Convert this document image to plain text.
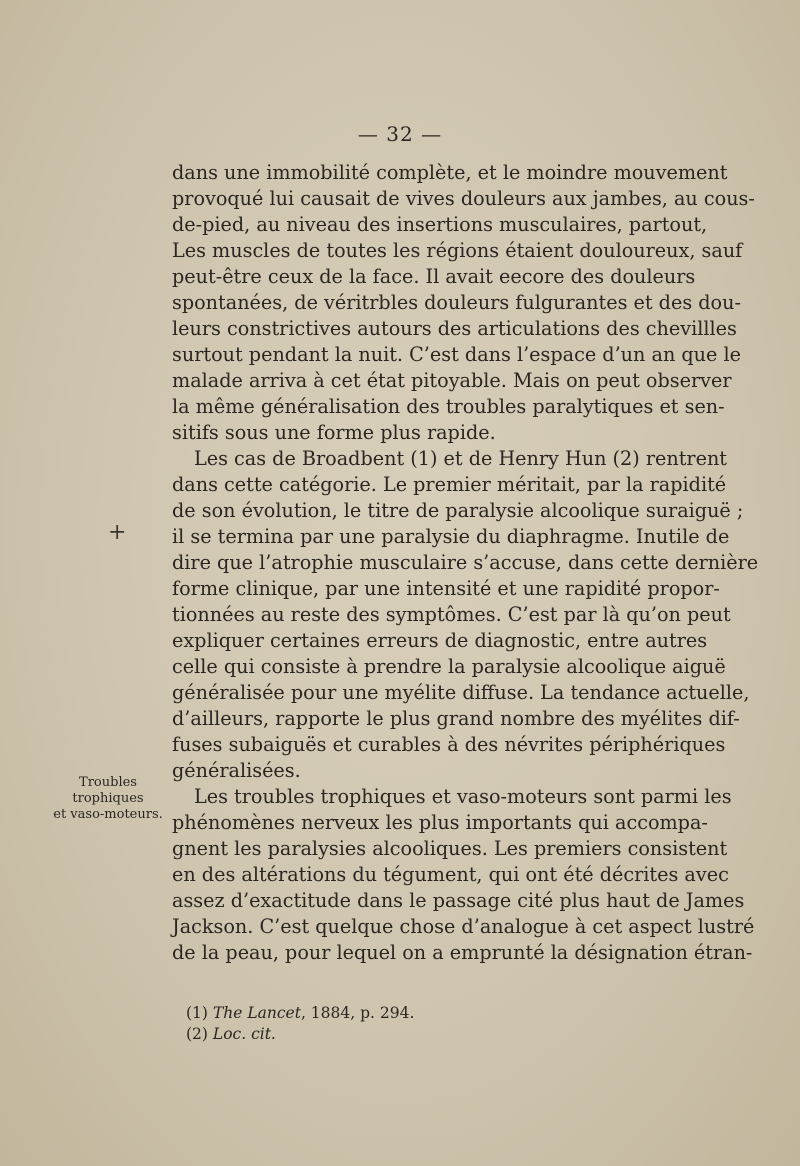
— 32 —
dans une immobilité complète, et le moindre mouvement
provoqué lui causait de vives douleurs aux jambes, au cous-
de-pied, au niveau des insertions musculaires, partout,
Les muscles de toutes les régions étaient douloureux, sauf
peut-être ceux de la face. Il avait eecore des douleurs
spontanées, de véritrbles douleurs fulgurantes et des dou-
leurs constrictives autours des articulations des chevillles
surtout pendant la nuit. C’est dans l’espace d’un an que le
malade arriva à cet état pitoyable. Mais on peut observer
la même généralisation des troubles paralytiques et sen-
sitifs sous une forme plus rapide.
Les cas de Broadbent (1) et de Henry Hun (2) rentrent
dans cette catégorie. Le premier méritait, par la rapidité
de son évolution, le titre de paralysie alcoolique suraiguë ;
il se termina par une paralysie du diaphragme. Inutile de
dire que l’atrophie musculaire s’accuse, dans cette dernière
forme clinique, par une intensité et une rapidité propor-
tionnées au reste des symptômes. C’est par là qu’on peut
expliquer certaines erreurs de diagnostic, entre autres
celle qui consiste à prendre la paralysie alcoolique aiguë
généralisée pour une myélite diffuse. La tendance actuelle,
d’ailleurs, rapporte le plus grand nombre des myélites dif-
fuses subaiguës et curables à des névrites périphériques
généralisées.
Les troubles trophiques et vaso-moteurs sont parmi les
phénomènes nerveux les plus importants qui accompa-
gnent les paralysies alcooliques. Les premiers consistent
en des altérations du tégument, qui ont été décrites avec
assez d’exactitude dans le passage cité plus haut de James
Jackson. C’est quelque chose d’analogue à cet aspect lustré
de la peau, pour lequel on a emprunté la désignation étran-
+
Troubles
trophiques
et vaso-moteurs.
(1) The Lancet, 1884, p. 294.
(2) Loc. cit.
